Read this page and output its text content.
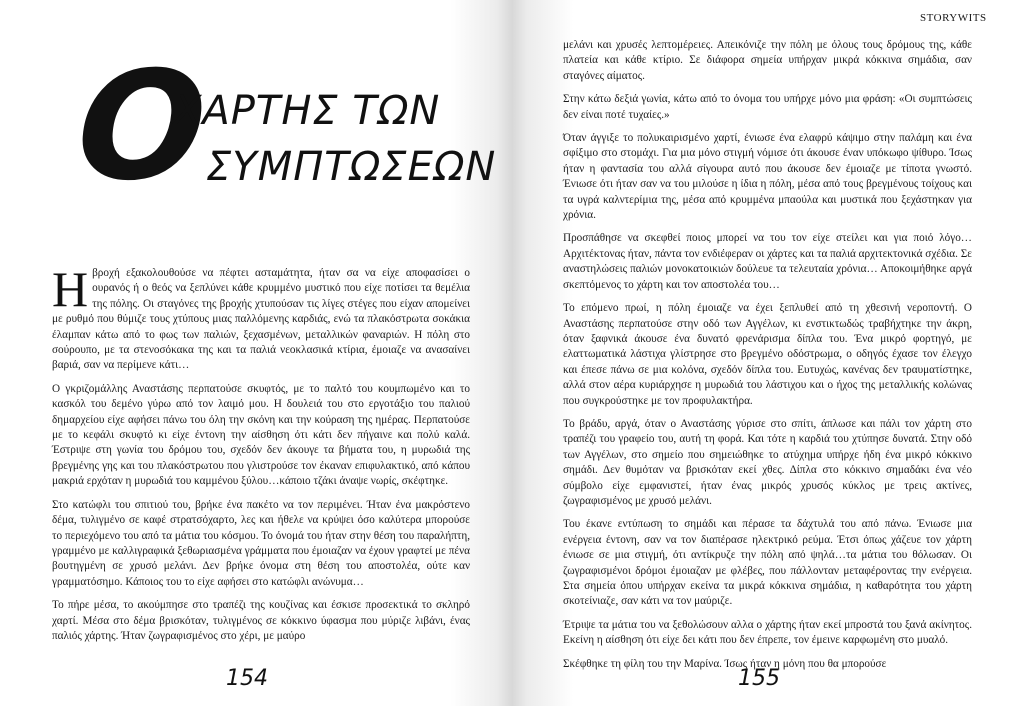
Ο
ΧΑΡΤΗΣ ΤΩΝ
ΣΥΜΠΤΩΣΕΩΝ

Η βροχή εξακολουθούσε να πέφτει ασταμάτητα, ήταν σα να είχε αποφασίσει ο ουρανός ή ο θεός να ξεπλύνει κάθε κρυμμένο μυστικό που είχε ποτίσει τα θεμέλια της πόλης. Οι σταγόνες της βροχής χτυπούσαν τις λίγες στέγες που είχαν απομείνει με ρυθμό που θύμιζε τους χτύπους μιας παλλόμενης καρδιάς, ενώ τα πλακόστρωτα σοκάκια έλαμπαν κάτω από το φως των παλιών, ξεχασμένων, μεταλλικών φαναριών. Η πόλη στο σούρουπο, με τα στενοσόκακα της και τα παλιά νεοκλασικά κτίρια, έμοιαζε να ανασαίνει βαριά, σαν να περίμενε κάτι…

Ο γκριζομάλλης Αναστάσης περπατούσε σκυφτός, με το παλτό του κουμπωμένο και το κασκόλ του δεμένο γύρω από τον λαιμό μου. Η δουλειά του στο εργοτάξιο του παλιού δημαρχείου είχε αφήσει πάνω του όλη την σκόνη και την κούραση της ημέρας. Περπατούσε με το κεφάλι σκυφτό κι είχε έντονη την αίσθηση ότι κάτι δεν πήγαινε και πολύ καλά. Έστριψε στη γωνία του δρόμου του, σχεδόν δεν άκουγε τα βήματα του, η μυρωδιά της βρεγμένης γης και του πλακόστρωτου που γλιστρούσε τον έκαναν επιφυλακτικό, από κάπου μακριά ερχόταν η μυρωδιά του καμμένου ξύλου…κάποιο τζάκι άναψε νωρίς, σκέφτηκε.

Στο κατώφλι του σπιτιού του, βρήκε ένα πακέτο να τον περιμένει. Ήταν ένα μακρόστενο δέμα, τυλιγμένο σε καφέ στρατσόχαρτο, λες και ήθελε να κρύψει όσο καλύτερα μπορούσε το περιεχόμενο του από τα μάτια του κόσμου. Το όνομά του ήταν στην θέση του παραλήπτη, γραμμένο με καλλιγραφικά ξεθωριασμένα γράμματα που έμοιαζαν να έχουν γραφτεί με πένα βουτηγμένη σε χρυσό μελάνι. Δεν βρήκε όνομα στη θέση του αποστολέα, ούτε καν γραμματόσημο. Κάποιος του το είχε αφήσει στο κατώφλι ανώνυμα…

Το πήρε μέσα, το ακούμπησε στο τραπέζι της κουζίνας και έσκισε προσεκτικά το σκληρό χαρτί. Μέσα στο δέμα βρισκόταν, τυλιγμένος σε κόκκινο ύφασμα που μύριζε λιβάνι, ένας παλιός χάρτης. Ήταν ζωγραφισμένος στο χέρι, με μαύρο

154	155
STORYWITS

μελάνι και χρυσές λεπτομέρειες. Απεικόνιζε την πόλη με όλους τους δρόμους της, κάθε πλατεία και κάθε κτίριο. Σε διάφορα σημεία υπήρχαν μικρά κόκκινα σημάδια, σαν σταγόνες αίματος.

Στην κάτω δεξιά γωνία, κάτω από το όνομα του υπήρχε μόνο μια φράση: «Οι συμπτώσεις δεν είναι ποτέ τυχαίες.»

Όταν άγγιξε το πολυκαιρισμένο χαρτί, ένιωσε ένα ελαφρύ κάψιμο στην παλάμη και ένα σφίξιμο στο στομάχι. Για μια μόνο στιγμή νόμισε ότι άκουσε έναν υπόκωφο ψίθυρο. Ίσως ήταν η φαντασία του αλλά σίγουρα αυτό που άκουσε δεν έμοιαζε με τίποτα γνωστό. Ένιωσε ότι ήταν σαν να του μιλούσε η ίδια η πόλη, μέσα από τους βρεγμένους τοίχους και τα υγρά καλντερίμια της, μέσα από κρυμμένα μπαούλα και μυστικά που ξεχάστηκαν για χρόνια.

Προσπάθησε να σκεφθεί ποιος μπορεί να του τον είχε στείλει και για ποιό λόγο… Αρχιτέκτονας ήταν, πάντα τον ενδιέφεραν οι χάρτες και τα παλιά αρχιτεκτονικά σχέδια. Σε αναστηλώσεις παλιών μονοκατοικιών δούλευε τα τελευταία χρόνια… Αποκοιμήθηκε αργά σκεπτόμενος το χάρτη και τον αποστολέα του…

Το επόμενο πρωί, η πόλη έμοιαζε να έχει ξεπλυθεί από τη χθεσινή νεροποντή. Ο Αναστάσης περπατούσε στην οδό των Αγγέλων, κι ενστικτωδώς τραβήχτηκε την άκρη, όταν ξαφνικά άκουσε ένα δυνατό φρενάρισμα δίπλα του. Ένα μικρό φορτηγό, με ελαττωματικά λάστιχα γλίστρησε στο βρεγμένο οδόστρωμα, ο οδηγός έχασε τον έλεγχο και έπεσε πάνω σε μια κολόνα, σχεδόν δίπλα του. Ευτυχώς, κανένας δεν τραυματίστηκε, αλλά στον αέρα κυριάρχησε η μυρωδιά του λάστιχου και ο ήχος της μεταλλικής κολώνας που συγκρούστηκε με τον προφυλακτήρα.

Το βράδυ, αργά, όταν ο Αναστάσης γύρισε στο σπίτι, άπλωσε και πάλι τον χάρτη στο τραπέζι του γραφείο του, αυτή τη φορά. Και τότε η καρδιά του χτύπησε δυνατά. Στην οδό των Αγγέλων, στο σημείο που σημειώθηκε το ατύχημα υπήρχε ήδη ένα μικρό κόκκινο σημάδι. Δεν θυμόταν να βρισκόταν εκεί χθες. Δίπλα στο κόκκινο σημαδάκι ένα νέο σύμβολο είχε εμφανιστεί, ήταν ένας μικρός χρυσός κύκλος με τρεις ακτίνες, ζωγραφισμένος με χρυσό μελάνι.

Του έκανε εντύπωση το σημάδι και πέρασε τα δάχτυλά του από πάνω. Ένιωσε μια ενέργεια έντονη, σαν να τον διαπέρασε ηλεκτρικό ρεύμα. Έτσι όπως χάζευε τον χάρτη ένιωσε σε μια στιγμή, ότι αντίκρυζε την πόλη από ψηλά…τα μάτια του θόλωσαν. Οι ζωγραφισμένοι δρόμοι έμοιαζαν με φλέβες, που πάλλονταν μεταφέροντας την ενέργεια. Στα σημεία όπου υπήρχαν εκείνα τα μικρά κόκκινα σημάδια, η καθαρότητα του χάρτη σκοτείνιαζε, σαν κάτι να τον μαύριζε.

Έτριψε τα μάτια του να ξεθολώσουν αλλα ο χάρτης ήταν εκεί μπροστά του ξανά ακίνητος. Εκείνη η αίσθηση ότι είχε δει κάτι που δεν έπρεπε, τον έμεινε καρφωμένη στο μυαλό.

Σκέφθηκε τη φίλη του την Μαρίνα. Ίσως ήταν η μόνη που θα μπορούσε
